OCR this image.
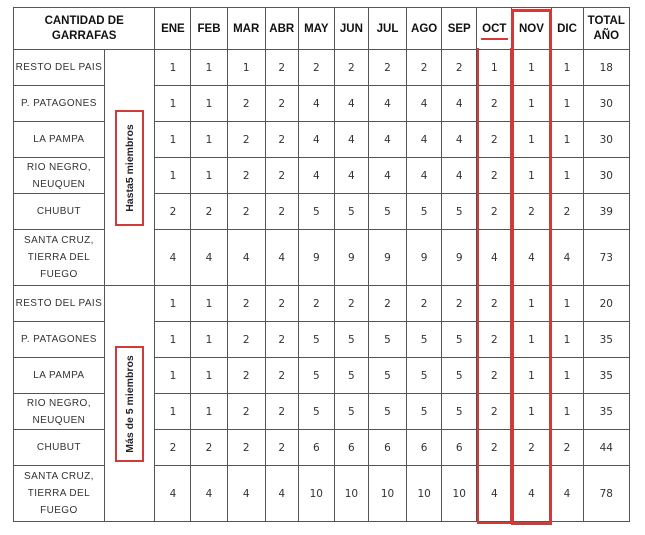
CANTIDAD DE GARRAFAS		ENE	FEB	MAR	ABR	MAY	JUN	JUL	AGO	SEP	OCT	NOV	DIC	TOTAL AÑO
RESTO DEL PAIS	Hasta5 miembros	1	1	1	2	2	2	2	2	2	1	1	1	18
P. PATAGONES		1	1	2	2	4	4	4	4	4	2	1	1	30
LA PAMPA		1	1	2	2	4	4	4	4	4	2	1	1	30
RIO NEGRO, NEUQUEN		1	1	2	2	4	4	4	4	4	2	1	1	30
CHUBUT		2	2	2	2	5	5	5	5	5	2	2	2	39
SANTA CRUZ, TIERRA DEL FUEGO		4	4	4	4	9	9	9	9	9	4	4	4	73
RESTO DEL PAIS	Más de 5 miembros	1	1	2	2	2	2	2	2	2	2	1	1	20
P. PATAGONES		1	1	2	2	5	5	5	5	5	2	1	1	35
LA PAMPA		1	1	2	2	5	5	5	5	5	2	1	1	35
RIO NEGRO, NEUQUEN		1	1	2	2	5	5	5	5	5	2	1	1	35
CHUBUT		2	2	2	2	6	6	6	6	6	2	2	2	44
SANTA CRUZ, TIERRA DEL FUEGO		4	4	4	4	10	10	10	10	10	4	4	4	78
